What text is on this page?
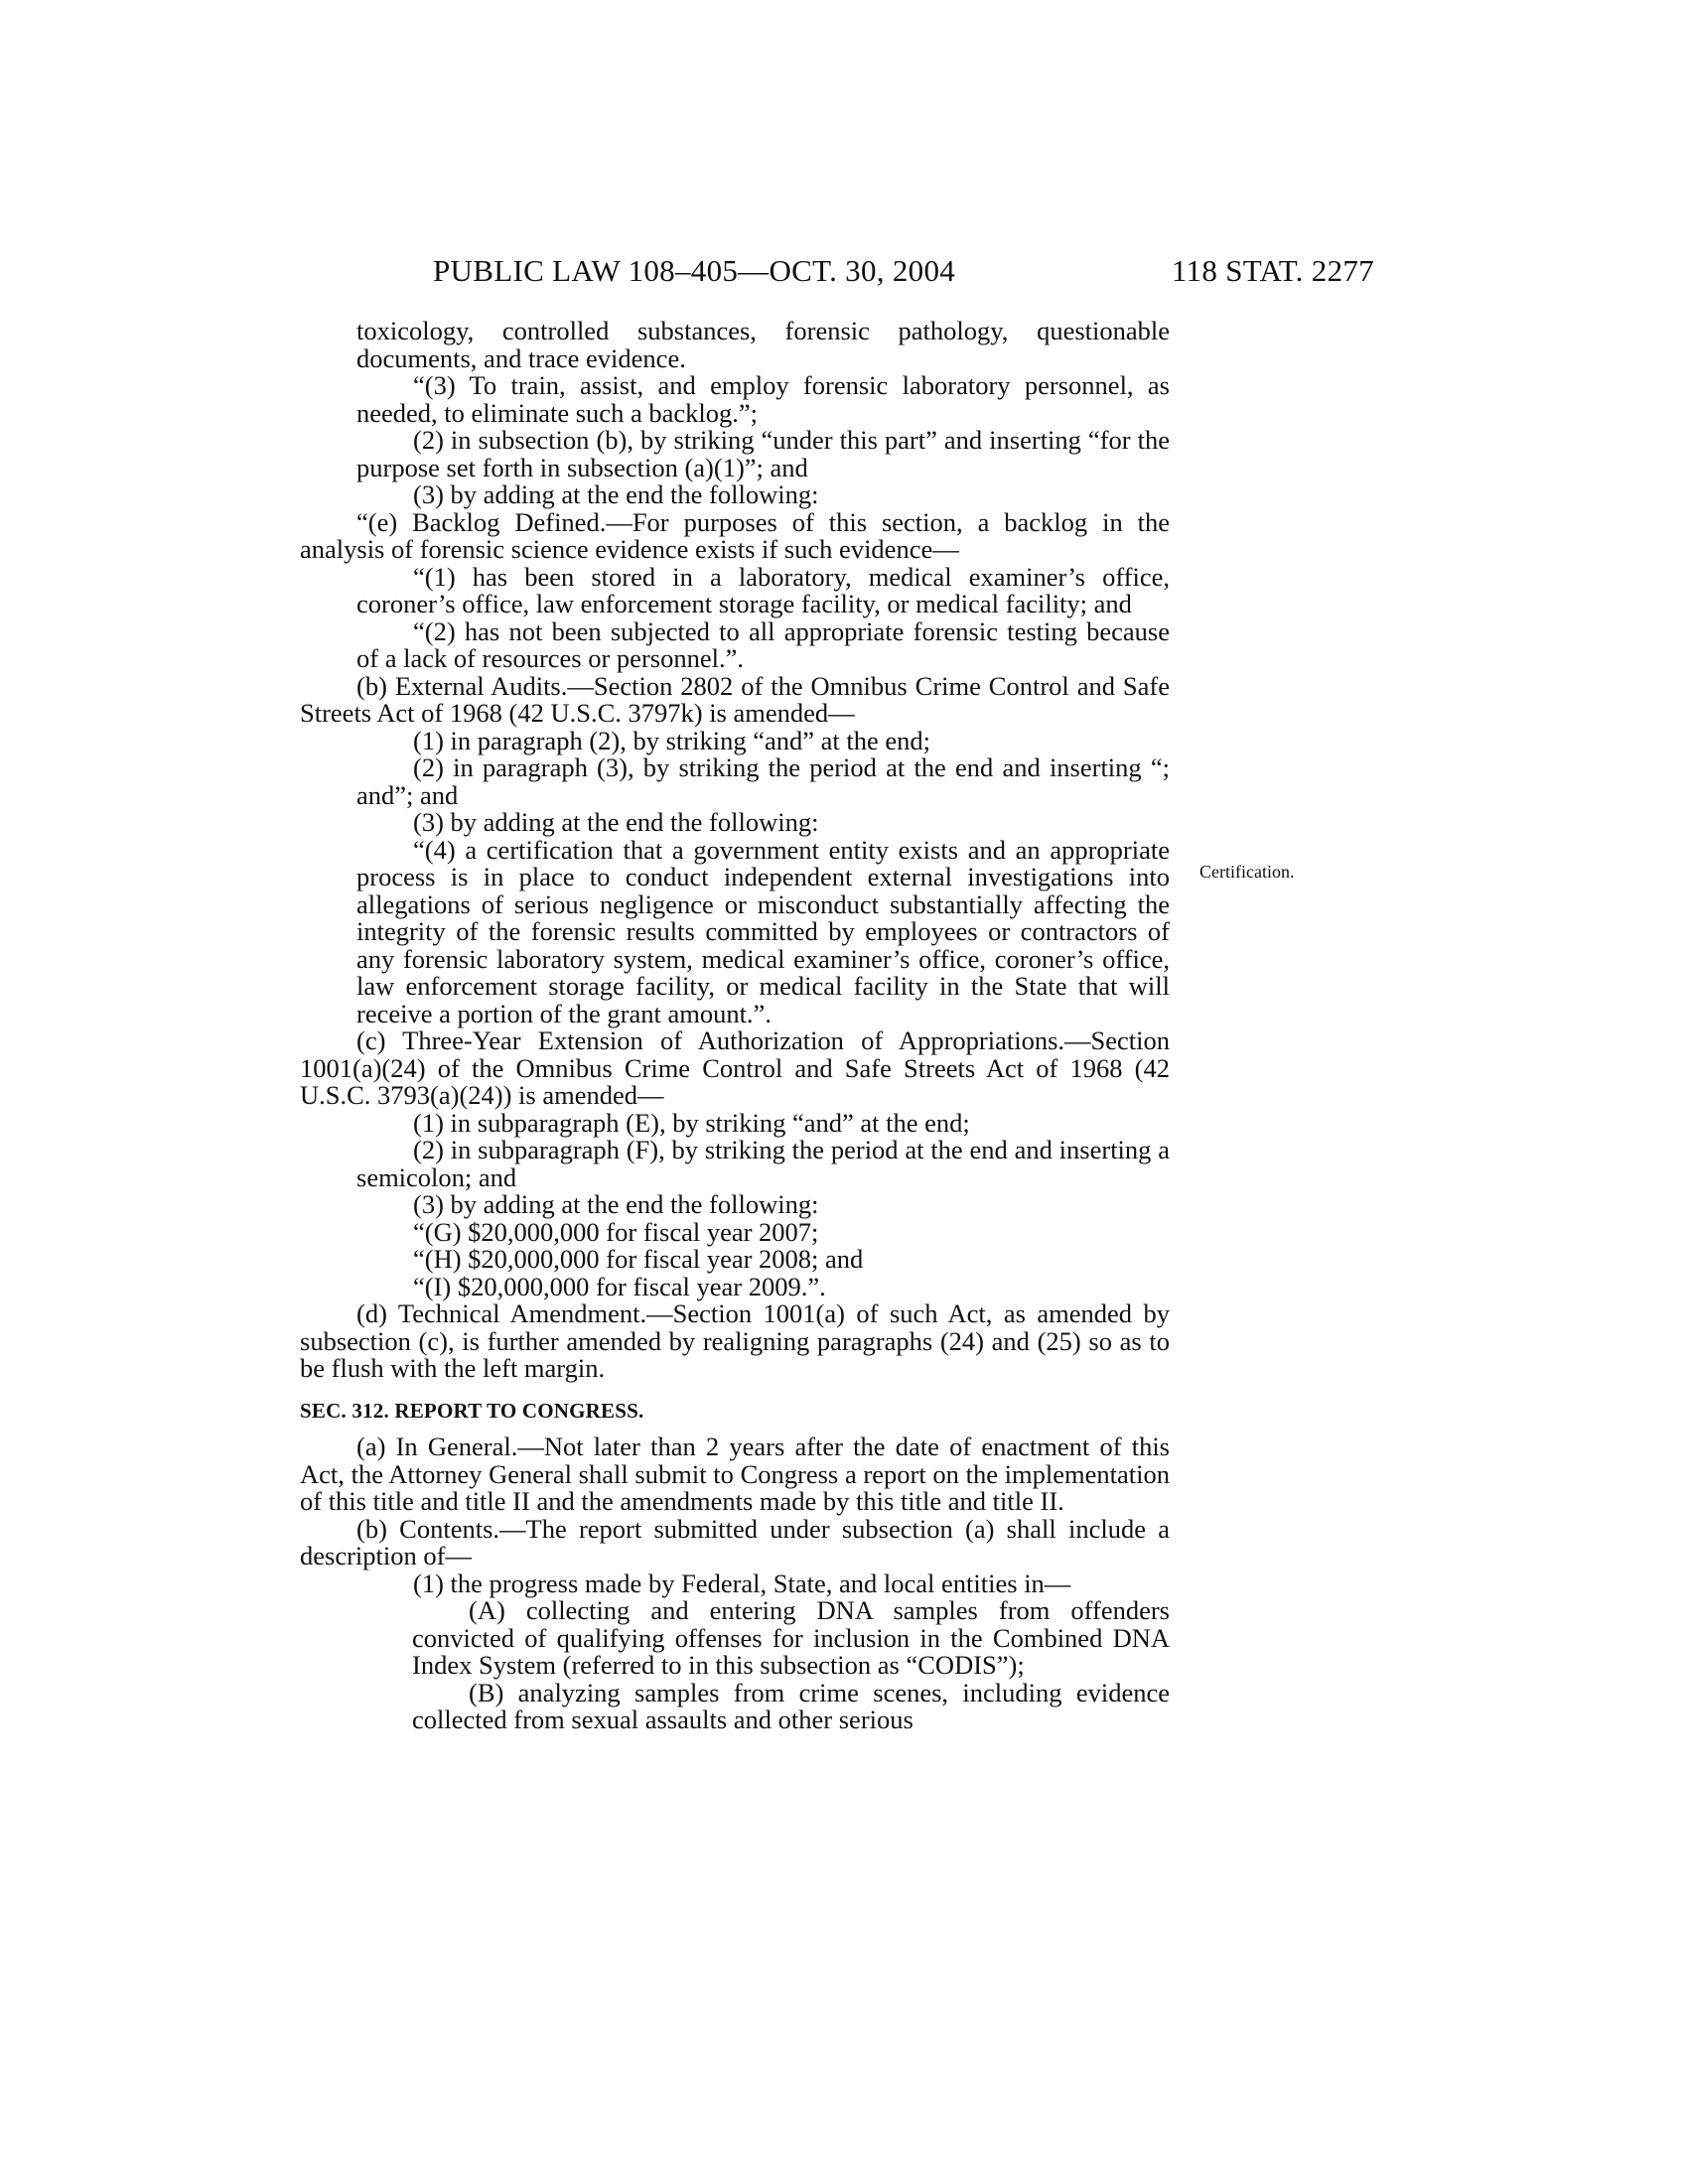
PUBLIC LAW 108–405—OCT. 30, 2004	118 STAT. 2277
Certification.

toxicology, controlled substances, forensic pathology, questionable documents, and trace evidence.

“(3) To train, assist, and employ forensic laboratory personnel, as needed, to eliminate such a backlog.”;

(2) in subsection (b), by striking “under this part” and inserting “for the purpose set forth in subsection (a)(1)”; and

(3) by adding at the end the following:

“(e) Backlog Defined.—For purposes of this section, a backlog in the analysis of forensic science evidence exists if such evidence—

“(1) has been stored in a laboratory, medical examiner’s office, coroner’s office, law enforcement storage facility, or medical facility; and

“(2) has not been subjected to all appropriate forensic testing because of a lack of resources or personnel.”.

(b) External Audits.—Section 2802 of the Omnibus Crime Control and Safe Streets Act of 1968 (42 U.S.C. 3797k) is amended—

(1) in paragraph (2), by striking “and” at the end;

(2) in paragraph (3), by striking the period at the end and inserting “; and”; and

(3) by adding at the end the following:

“(4) a certification that a government entity exists and an appropriate process is in place to conduct independent external investigations into allegations of serious negligence or misconduct substantially affecting the integrity of the forensic results committed by employees or contractors of any forensic laboratory system, medical examiner’s office, coroner’s office, law enforcement storage facility, or medical facility in the State that will receive a portion of the grant amount.”.

(c) Three-Year Extension of Authorization of Appropriations.—Section 1001(a)(24) of the Omnibus Crime Control and Safe Streets Act of 1968 (42 U.S.C. 3793(a)(24)) is amended—

(1) in subparagraph (E), by striking “and” at the end;

(2) in subparagraph (F), by striking the period at the end and inserting a semicolon; and

(3) by adding at the end the following:

“(G) $20,000,000 for fiscal year 2007;

“(H) $20,000,000 for fiscal year 2008; and

“(I) $20,000,000 for fiscal year 2009.”.

(d) Technical Amendment.—Section 1001(a) of such Act, as amended by subsection (c), is further amended by realigning paragraphs (24) and (25) so as to be flush with the left margin.

SEC. 312. REPORT TO CONGRESS.

(a) In General.—Not later than 2 years after the date of enactment of this Act, the Attorney General shall submit to Congress a report on the implementation of this title and title II and the amendments made by this title and title II.

(b) Contents.—The report submitted under subsection (a) shall include a description of—

(1) the progress made by Federal, State, and local entities in—

(A) collecting and entering DNA samples from offenders convicted of qualifying offenses for inclusion in the Combined DNA Index System (referred to in this subsection as “CODIS”);

(B) analyzing samples from crime scenes, including evidence collected from sexual assaults and other serious
